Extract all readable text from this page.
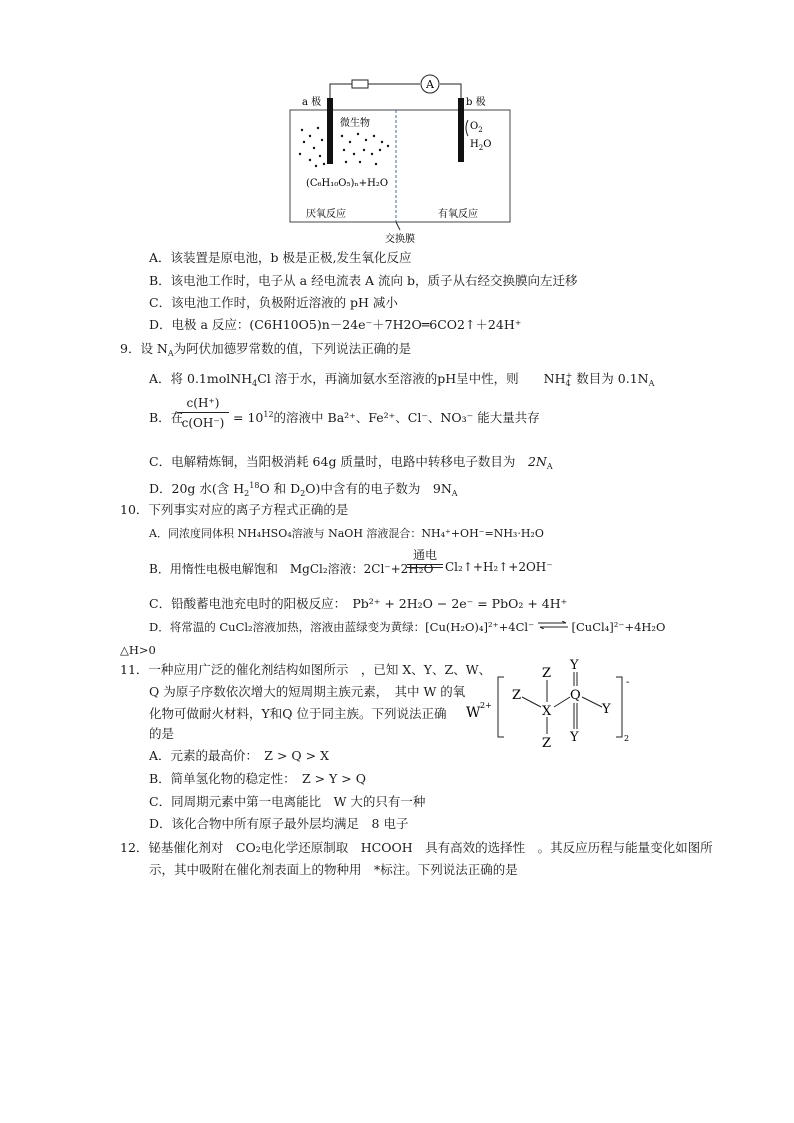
A
a 极	b 极
微生物	$O_2$
$H_2O$
(C₆H₁₀O₅)ₙ+H₂O
厌氧反应	有氧反应
交换膜
A．该装置是原电池，b 极是正极,发生氧化反应
B．该电池工作时，电子从 a 经电流表 A 流向 b，质子从右经交换膜向左迁移
C．该电池工作时，负极附近溶液的 pH 减小
D．电极 a 反应：(C6H10O5)n－24e⁻＋7H2O═6CO2↑＋24H⁺
9．设 $N_A$为阿伏加德罗常数的值，下列说法正确的是
A．将 0.1molNH$_4$Cl 溶于水，再滴加氨水至溶液的pH呈中性，则　　 $NH_4^+$ 数目为 $0.1N_A$
B．在
c(H⁺)
$c(OH^-) = 10^{12}$的溶液中 Ba²⁺、Fe²⁺、Cl⁻、NO₃⁻ 能大量共存
C．电解精炼铜，当阳极消耗 64g 质量时，电路中转移电子数目为　 $2N_A$
D．20g 水(含 $H_2^{18}O$ 和 $D_2O$)中含有的电子数为　 $9N_A$
10．下列事实对应的离子方程式正确的是
A．同浓度同体积 NH₄HSO₄溶液与 NaOH 溶液混合：NH₄⁺+OH⁻=NH₃·H₂O
B．用惰性电极电解饱和　 MgCl₂溶液：2Cl⁻+2H₂O
通电
Cl₂↑+H₂↑+2OH⁻
C．铅酸蓄电池充电时的阳极反应：　 Pb²⁺ + 2H₂O − 2e⁻ = PbO₂ + 4H⁺
D．将常温的 CuCl₂溶液加热，溶液由蓝绿变为黄绿：[Cu(H₂O)₄]²⁺+4Cl⁻	[CuCl₄]²⁻+4H₂O
△H>0
11．一种应用广泛的催化剂结构如图所示　，已知 X、Y、Z、W、
Q 为原子序数依次增大的短周期主族元素，　其中 W 的氧
化物可做耐火材料，Y和Q 位于同主族。下列说法正确
的是
A．元素的最高价：　 Z > Q > X
B．简单氢化物的稳定性：　 Z > Y > Q
C．同周期元素中第一电离能比　W 大的只有一种
D．该化合物中所有原子最外层均满足　8 电子
W 2+
-
2
Z
Z
X
Z
Y
Q
Y
Y
12．铋基催化剂对　 CO₂电化学还原制取　 HCOOH　 具有高效的选择性　。其反应历程与能量变化如图所
示，其中吸附在催化剂表面上的物种用　*标注。下列说法正确的是
